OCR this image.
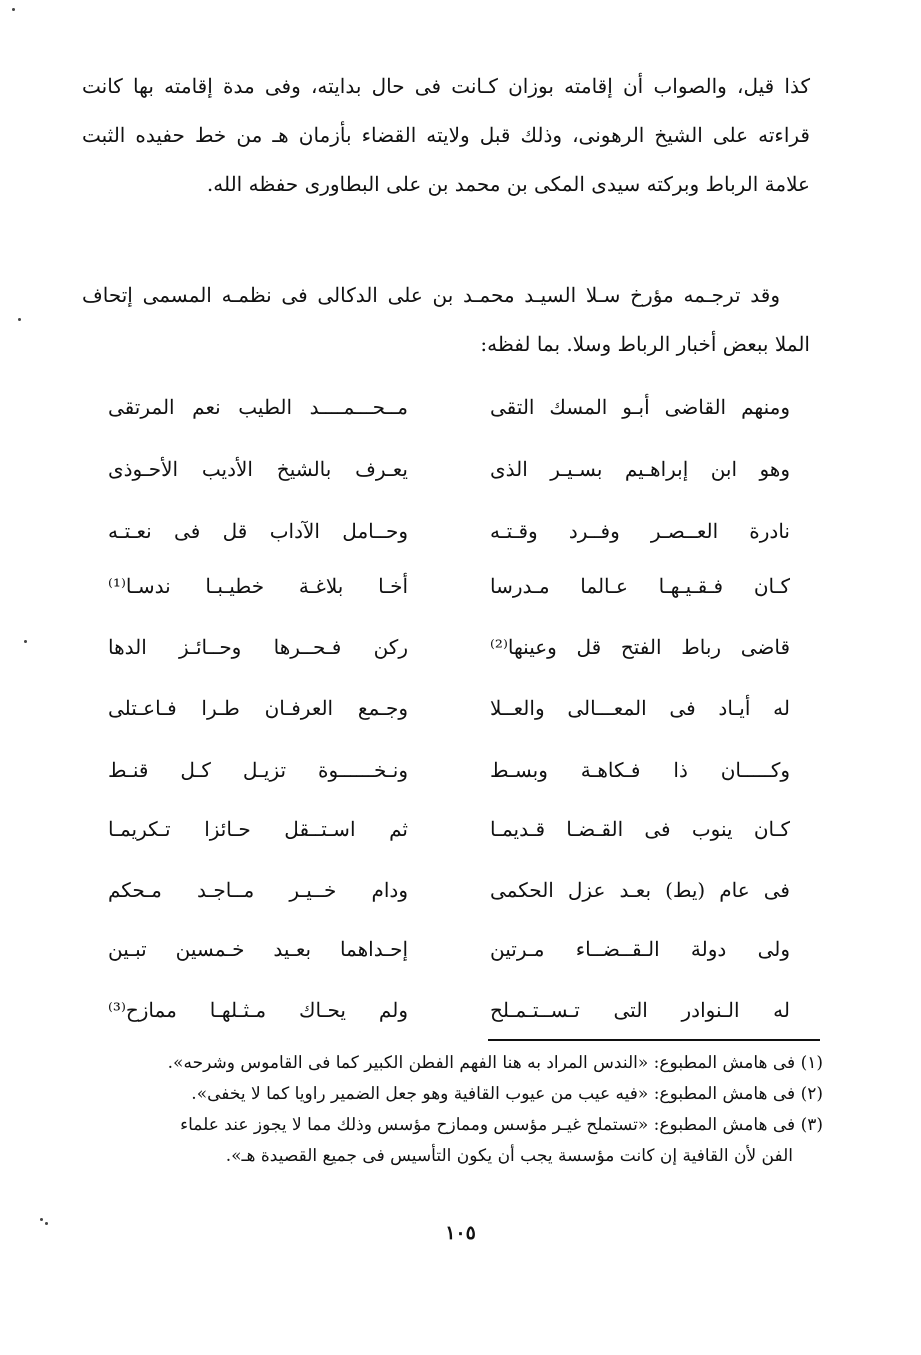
كذا قيل، والصواب أن إقامته بوزان كـانت فى حال بدايته، وفى مدة إقامته بها كانت قراءته على الشيخ الرهونى، وذلك قبل ولايته القضاء بأزمان هـ من خط حفيده الثبت علامة الرباط وبركته سيدى المكى بن محمد بن على البطاورى حفظه الله.

وقد ترجـمه مؤرخ سـلا السيـد محمـد بن على الدكالى فى نظمـه المسمى إتحاف الملا ببعض أخبار الرباط وسلا. بما لفظه:

ومنهم القاضى أبـو المسك التقى
مــحـــمــــد الطيب نعم المرتقى
وهو ابن إبراهـيم بسـيـر الذى
يعـرف بالشيخ الأديب الأحـوذى
نادرة العــصـر وفــرد وقـتـه
وحــامل الآداب قل فى نعـتـه
كـان فـقـيـهـا عـالما مـدرسا
أخـا بلاغـة خطيـبـا ندسـا⁽¹⁾
قاضى رباط الفتح قل وعينها⁽²⁾
ركن فـحــرها وحــائـز الدها
له أيـاد فى المعـــالى والعــلا
وجـمع العرفـان طـرا فـاعـتلى
وكـــــان ذا فـكاهـة وبسـط
ونـخــــــوة تزيـل كـل قنـط
كـان ينوب فى القـضـا قـديمـا
ثم اسـتــقل حـائزا تـكريمـا
فى عام (يط) بعـد عزل الحكمى
ودام خــيـر مــاجـد مـحكم
ولى دولة الـقــضــاء مـرتين
إحـداهما بعـيد خـمسين تبـين
له الـنوادر التى تـســتـمـلح
ولم يحـاك مـثـلهـا ممازح⁽³⁾

(١) فى هامش المطبوع: «الندس المراد به هنا الفهم الفطن الكبير كما فى القاموس وشرحه».

(٢) فى هامش المطبوع: «فيه عيب من عيوب القافية وهو جعل الضمير راويا كما لا يخفى».

(٣) فى هامش المطبوع: «تستملح غيـر مؤسس وممازح مؤسس وذلك مما لا يجوز عند علماء

الفن لأن القافية إن كانت مؤسسة يجب أن يكون التأسيس فى جميع القصيدة هـ».

١٠٥
